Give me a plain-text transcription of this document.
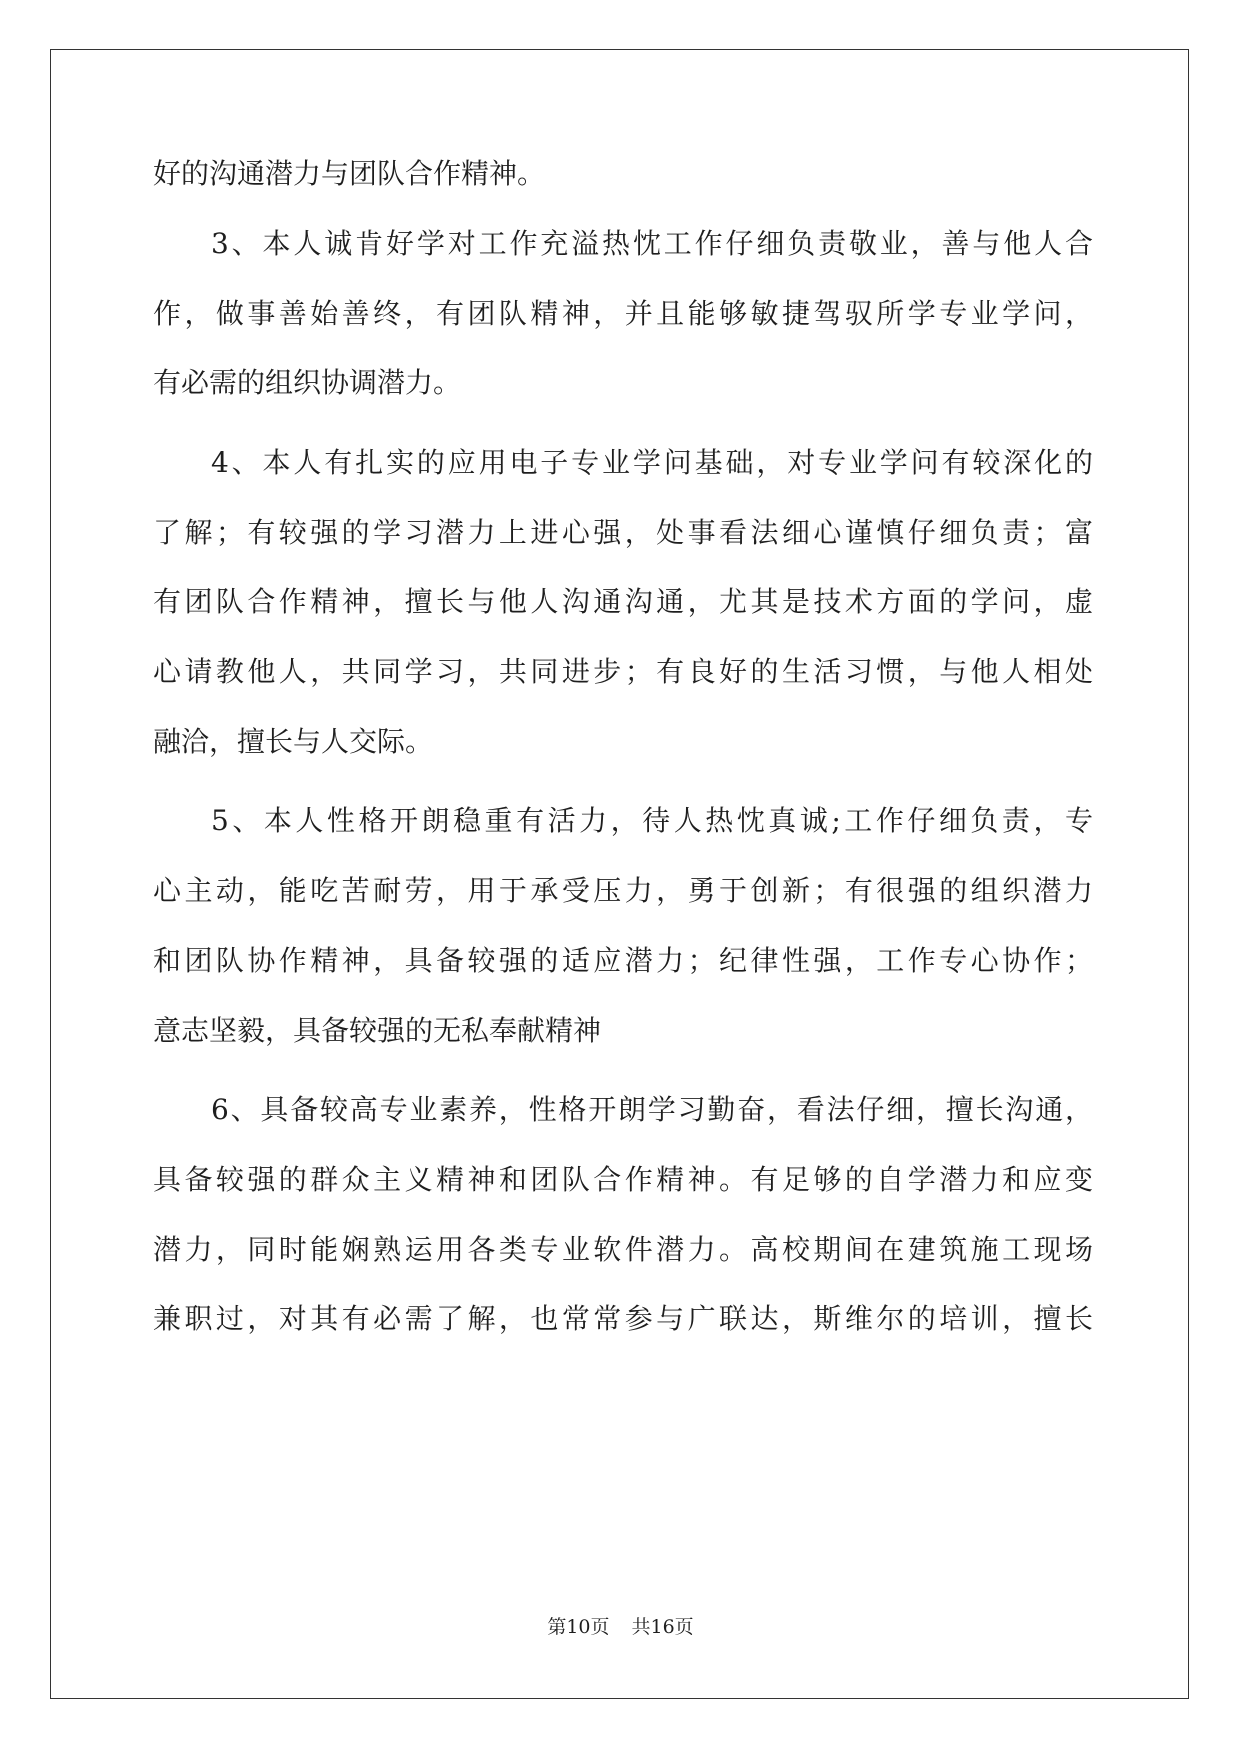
好的沟通潜力与团队合作精神。
3、本人诚肯好学对工作充溢热忱工作仔细负责敬业，善与他人合
作，做事善始善终，有团队精神，并且能够敏捷驾驭所学专业学问，
有必需的组织协调潜力。
4、本人有扎实的应用电子专业学问基础，对专业学问有较深化的
了解；有较强的学习潜力上进心强，处事看法细心谨慎仔细负责；富
有团队合作精神，擅长与他人沟通沟通，尤其是技术方面的学问，虚
心请教他人，共同学习，共同进步；有良好的生活习惯，与他人相处
融洽，擅长与人交际。
5、本人性格开朗稳重有活力，待人热忱真诚;工作仔细负责，专
心主动，能吃苦耐劳，用于承受压力，勇于创新；有很强的组织潜力
和团队协作精神，具备较强的适应潜力；纪律性强，工作专心协作；
意志坚毅，具备较强的无私奉献精神
6、具备较高专业素养，性格开朗学习勤奋，看法仔细，擅长沟通，
具备较强的群众主义精神和团队合作精神。有足够的自学潜力和应变
潜力，同时能娴熟运用各类专业软件潜力。高校期间在建筑施工现场
兼职过，对其有必需了解，也常常参与广联达，斯维尔的培训，擅长
第10页 共16页
